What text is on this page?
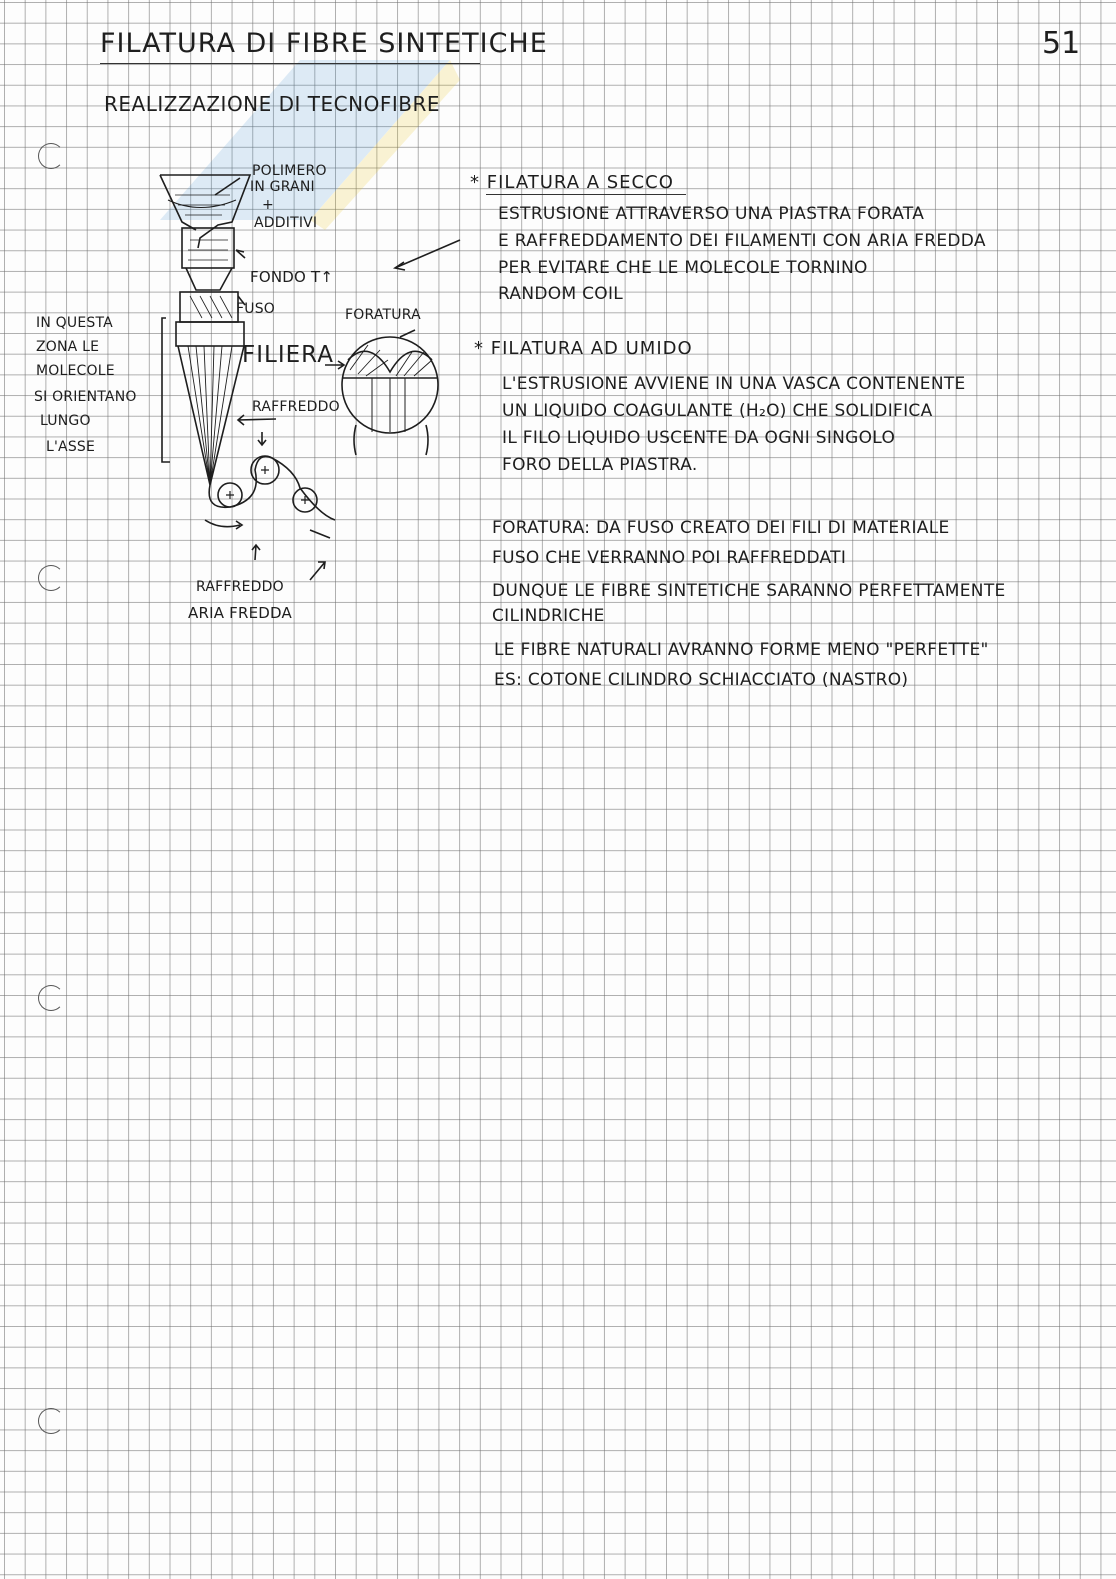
FILATURA DI FIBRE SINTETICHE	51
REALIZZAZIONE DI TECNOFIBRE
POLIMERO
IN GRANI
+
ADDITIVI
FONDO T↑
FUSO
FILIERA
FORATURA
RAFFREDDO
RAFFREDDO
ARIA FREDDA
IN QUESTA
ZONA LE
MOLECOLE
SI ORIENTANO
LUNGO
L'ASSE
* FILATURA A SECCO
ESTRUSIONE ATTRAVERSO UNA PIASTRA FORATA
E RAFFREDDAMENTO DEI FILAMENTI CON ARIA FREDDA
PER EVITARE CHE LE MOLECOLE TORNINO
RANDOM COIL
* FILATURA AD UMIDO
L'ESTRUSIONE AVVIENE IN UNA VASCA CONTENENTE
UN LIQUIDO COAGULANTE (H₂O) CHE SOLIDIFICA
IL FILO LIQUIDO USCENTE DA OGNI SINGOLO
FORO DELLA PIASTRA.
FORATURA: DA FUSO CREATO DEI FILI DI MATERIALE
FUSO CHE VERRANNO POI RAFFREDDATI
DUNQUE LE FIBRE SINTETICHE SARANNO PERFETTAMENTE
CILINDRICHE
LE FIBRE NATURALI AVRANNO FORME MENO "PERFETTE"
ES: COTONE CILINDRO SCHIACCIATO (NASTRO)
